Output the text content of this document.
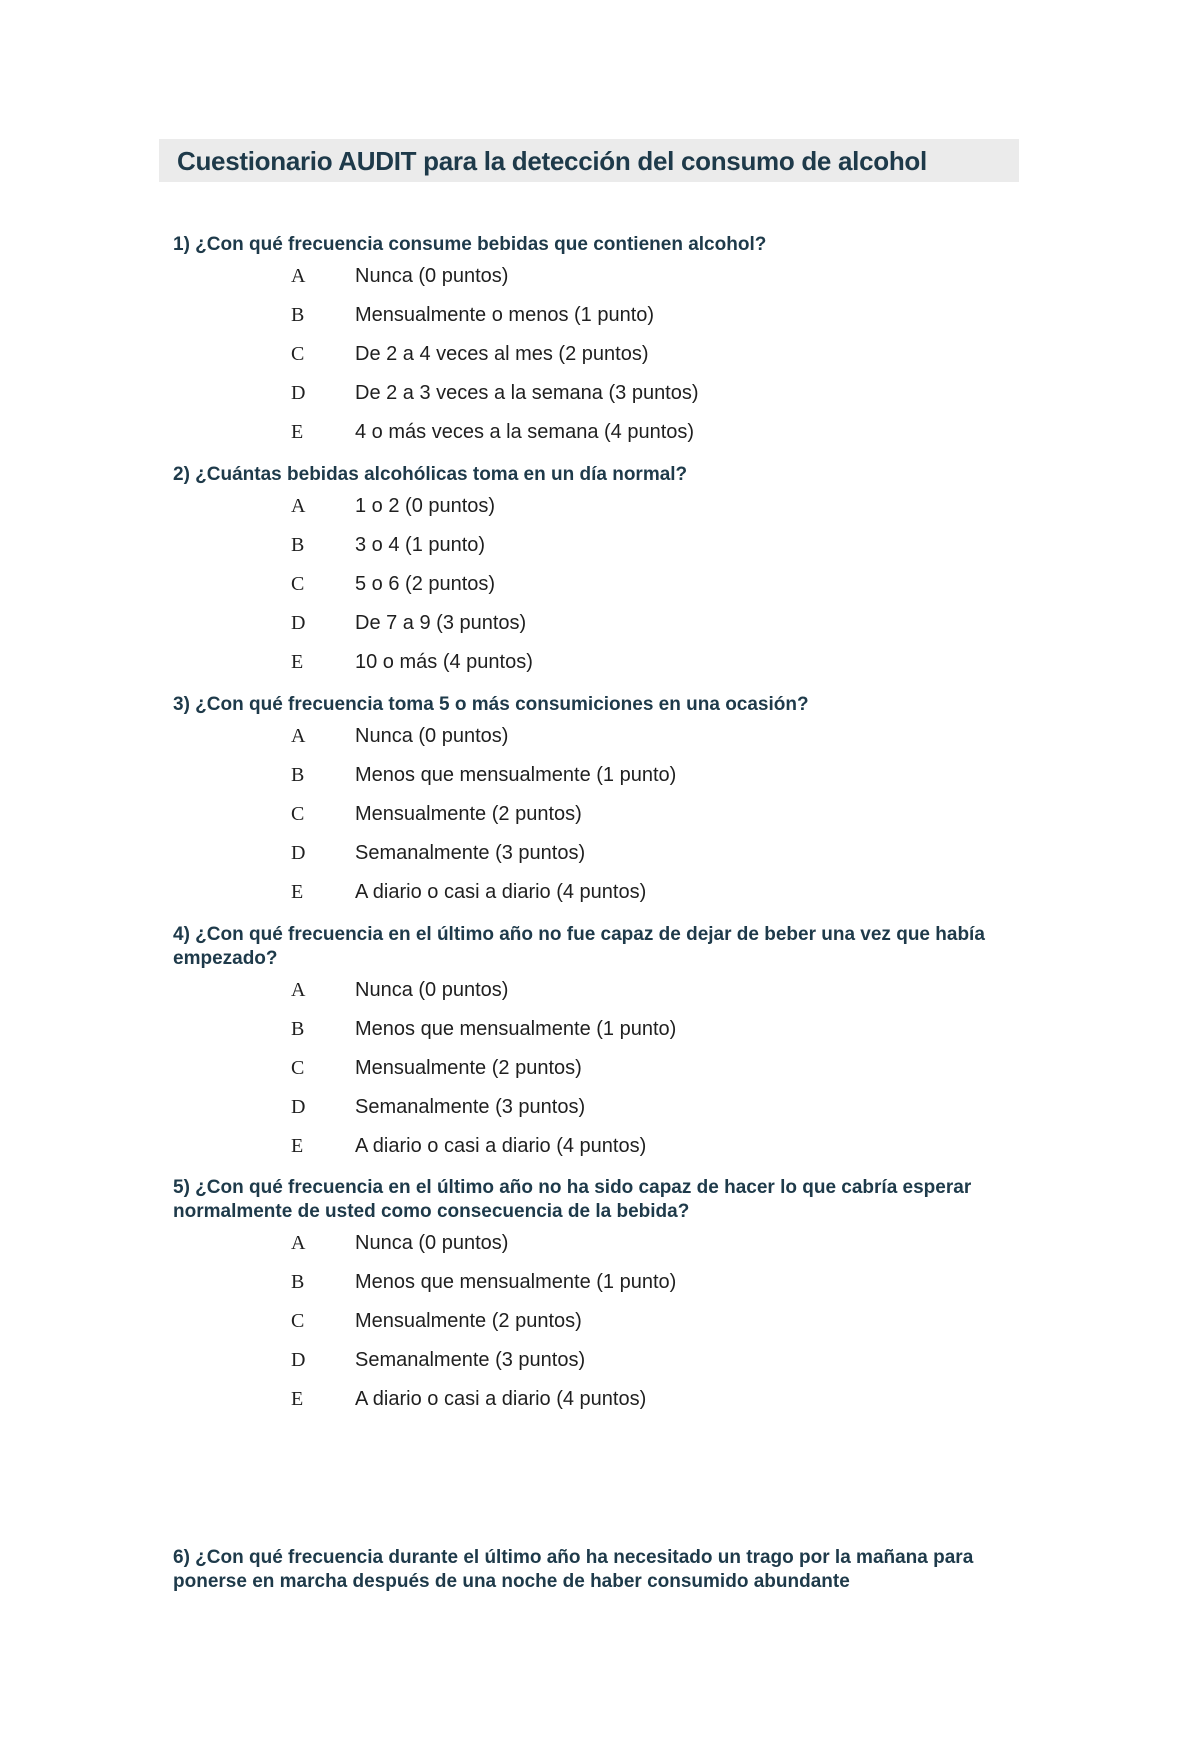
Cuestionario AUDIT para la detección del consumo de alcohol

1) ¿Con qué frecuencia consume bebidas que contienen alcohol?

A	Nunca (0 puntos)
B	Mensualmente o menos (1 punto)
C	De 2 a 4 veces al mes (2 puntos)
D	De 2 a 3 veces a la semana (3 puntos)
E	4 o más veces a la semana (4 puntos)

2) ¿Cuántas bebidas alcohólicas toma en un día normal?

A	1 o 2 (0 puntos)
B	3 o 4 (1 punto)
C	5 o 6 (2 puntos)
D	De 7 a 9 (3 puntos)
E	10 o más (4 puntos)

3) ¿Con qué frecuencia toma 5 o más consumiciones en una ocasión?

A	Nunca (0 puntos)
B	Menos que mensualmente (1 punto)
C	Mensualmente (2 puntos)
D	Semanalmente (3 puntos)
E	A diario o casi a diario (4 puntos)

4) ¿Con qué frecuencia en el último año no fue capaz de dejar de beber una vez que había empezado?

A	Nunca (0 puntos)
B	Menos que mensualmente (1 punto)
C	Mensualmente (2 puntos)
D	Semanalmente (3 puntos)
E	A diario o casi a diario (4 puntos)

5) ¿Con qué frecuencia en el último año no ha sido capaz de hacer lo que cabría esperar normalmente de usted como consecuencia de la bebida?

A	Nunca (0 puntos)
B	Menos que mensualmente (1 punto)
C	Mensualmente (2 puntos)
D	Semanalmente (3 puntos)
E	A diario o casi a diario (4 puntos)

6) ¿Con qué frecuencia durante el último año ha necesitado un trago por la mañana para ponerse en marcha después de una noche de haber consumido abundante
